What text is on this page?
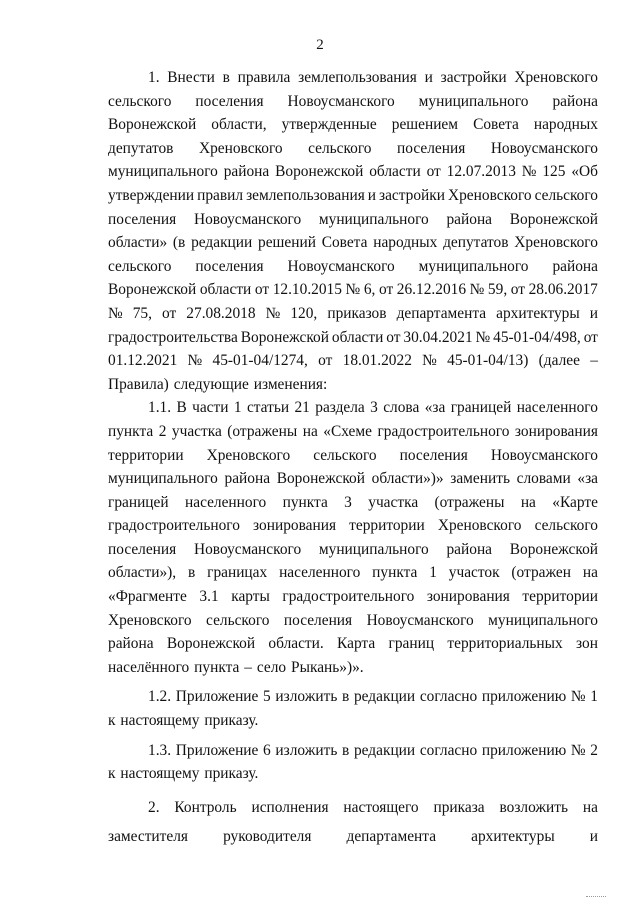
2
1. Внести в правила землепользования и застройки Хреновского
сельского поселения Новоусманского муниципального района
Воронежской области, утвержденные решением Совета народных
депутатов Хреновского сельского поселения Новоусманского
муниципального района Воронежской области от 12.07.2013 № 125 «Об
утверждении правил землепользования и застройки Хреновского сельского
поселения Новоусманского муниципального района Воронежской
области» (в редакции решений Совета народных депутатов Хреновского
сельского поселения Новоусманского муниципального района
Воронежской области от 12.10.2015 № 6, от 26.12.2016 № 59, от 28.06.2017
№ 75, от 27.08.2018 № 120, приказов департамента архитектуры и
градостроительства Воронежской области от 30.04.2021 № 45-01-04/498, от
01.12.2021 № 45-01-04/1274, от 18.01.2022 № 45-01-04/13) (далее –
Правила) следующие изменения:
1.1. В части 1 статьи 21 раздела 3 слова «за границей населенного
пункта 2 участка (отражены на «Схеме градостроительного зонирования
территории Хреновского сельского поселения Новоусманского
муниципального района Воронежской области»)» заменить словами «за
границей населенного пункта 3 участка (отражены на «Карте
градостроительного зонирования территории Хреновского сельского
поселения Новоусманского муниципального района Воронежской
области»), в границах населенного пункта 1 участок (отражен на
«Фрагменте 3.1 карты градостроительного зонирования территории
Хреновского сельского поселения Новоусманского муниципального
района Воронежской области. Карта границ территориальных зон
населённого пункта – село Рыкань»)».
1.2. Приложение 5 изложить в редакции согласно приложению № 1
к настоящему приказу.
1.3. Приложение 6 изложить в редакции согласно приложению № 2
к настоящему приказу.
2. Контроль исполнения настоящего приказа возложить на
заместителя руководителя департамента архитектуры и
